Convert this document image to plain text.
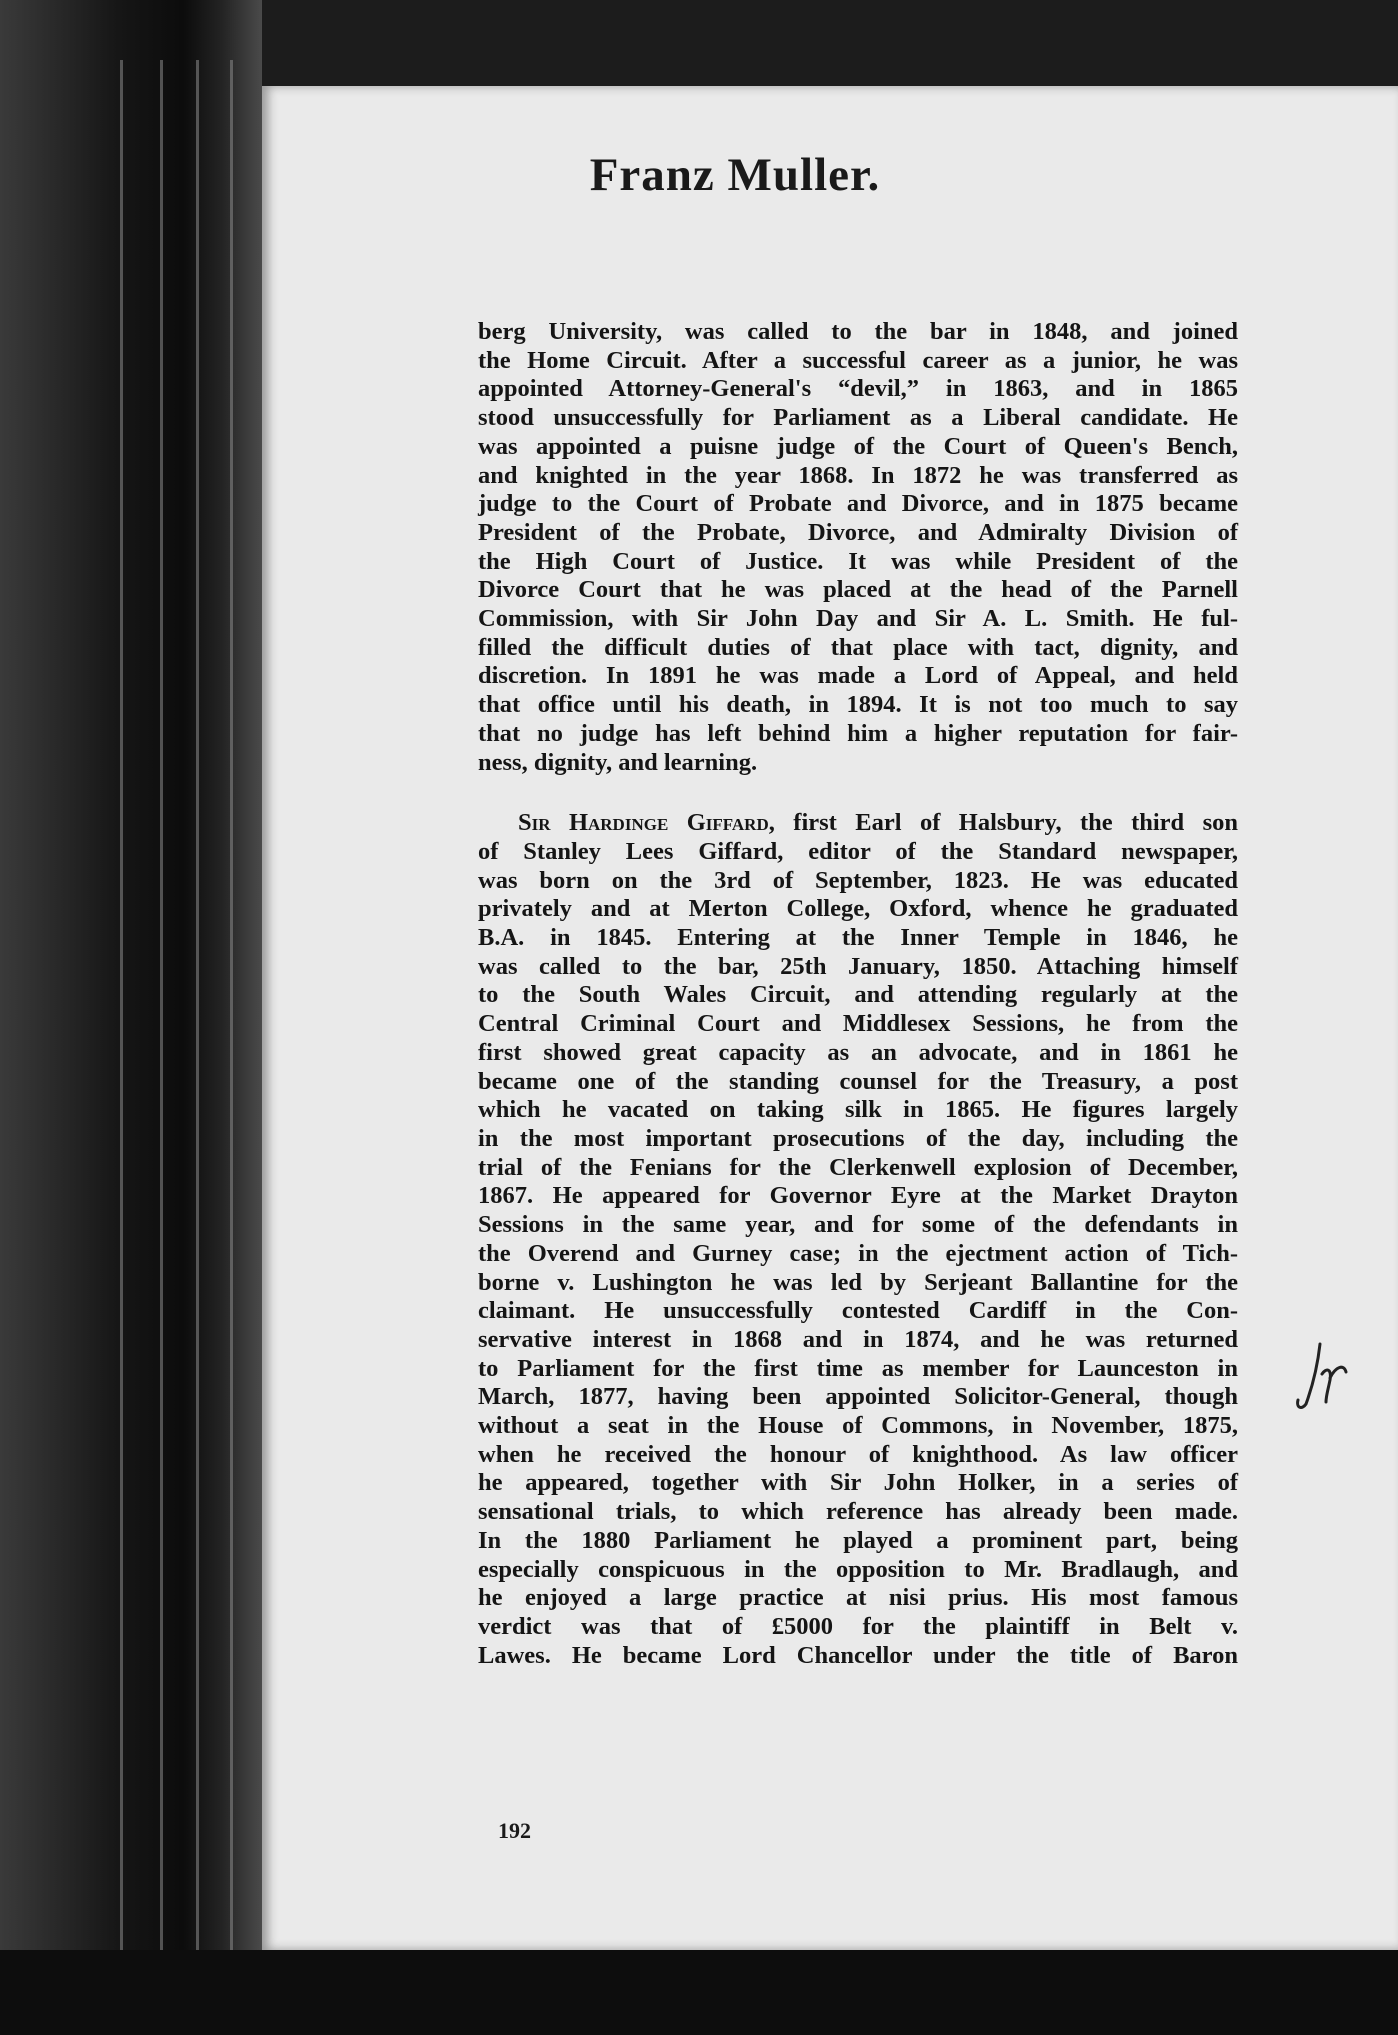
Franz Muller.
berg University, was called to the bar in 1848, and joined
the Home Circuit. After a successful career as a junior, he was
appointed Attorney-General's “devil,” in 1863, and in 1865
stood unsuccessfully for Parliament as a Liberal candidate. He
was appointed a puisne judge of the Court of Queen's Bench,
and knighted in the year 1868. In 1872 he was transferred as
judge to the Court of Probate and Divorce, and in 1875 became
President of the Probate, Divorce, and Admiralty Division of
the High Court of Justice. It was while President of the
Divorce Court that he was placed at the head of the Parnell
Commission, with Sir John Day and Sir A. L. Smith. He ful-
filled the difficult duties of that place with tact, dignity, and
discretion. In 1891 he was made a Lord of Appeal, and held
that office until his death, in 1894. It is not too much to say
that no judge has left behind him a higher reputation for fair-
ness, dignity, and learning.
Sir Hardinge Giffard, first Earl of Halsbury, the third son
of Stanley Lees Giffard, editor of the Standard newspaper,
was born on the 3rd of September, 1823. He was educated
privately and at Merton College, Oxford, whence he graduated
B.A. in 1845. Entering at the Inner Temple in 1846, he
was called to the bar, 25th January, 1850. Attaching himself
to the South Wales Circuit, and attending regularly at the
Central Criminal Court and Middlesex Sessions, he from the
first showed great capacity as an advocate, and in 1861 he
became one of the standing counsel for the Treasury, a post
which he vacated on taking silk in 1865. He figures largely
in the most important prosecutions of the day, including the
trial of the Fenians for the Clerkenwell explosion of December,
1867. He appeared for Governor Eyre at the Market Drayton
Sessions in the same year, and for some of the defendants in
the Overend and Gurney case; in the ejectment action of Tich-
borne v. Lushington he was led by Serjeant Ballantine for the
claimant. He unsuccessfully contested Cardiff in the Con-
servative interest in 1868 and in 1874, and he was returned
to Parliament for the first time as member for Launceston in
March, 1877, having been appointed Solicitor-General, though
without a seat in the House of Commons, in November, 1875,
when he received the honour of knighthood. As law officer
he appeared, together with Sir John Holker, in a series of
sensational trials, to which reference has already been made.
In the 1880 Parliament he played a prominent part, being
especially conspicuous in the opposition to Mr. Bradlaugh, and
he enjoyed a large practice at nisi prius. His most famous
verdict was that of £5000 for the plaintiff in Belt v.
Lawes. He became Lord Chancellor under the title of Baron
192
